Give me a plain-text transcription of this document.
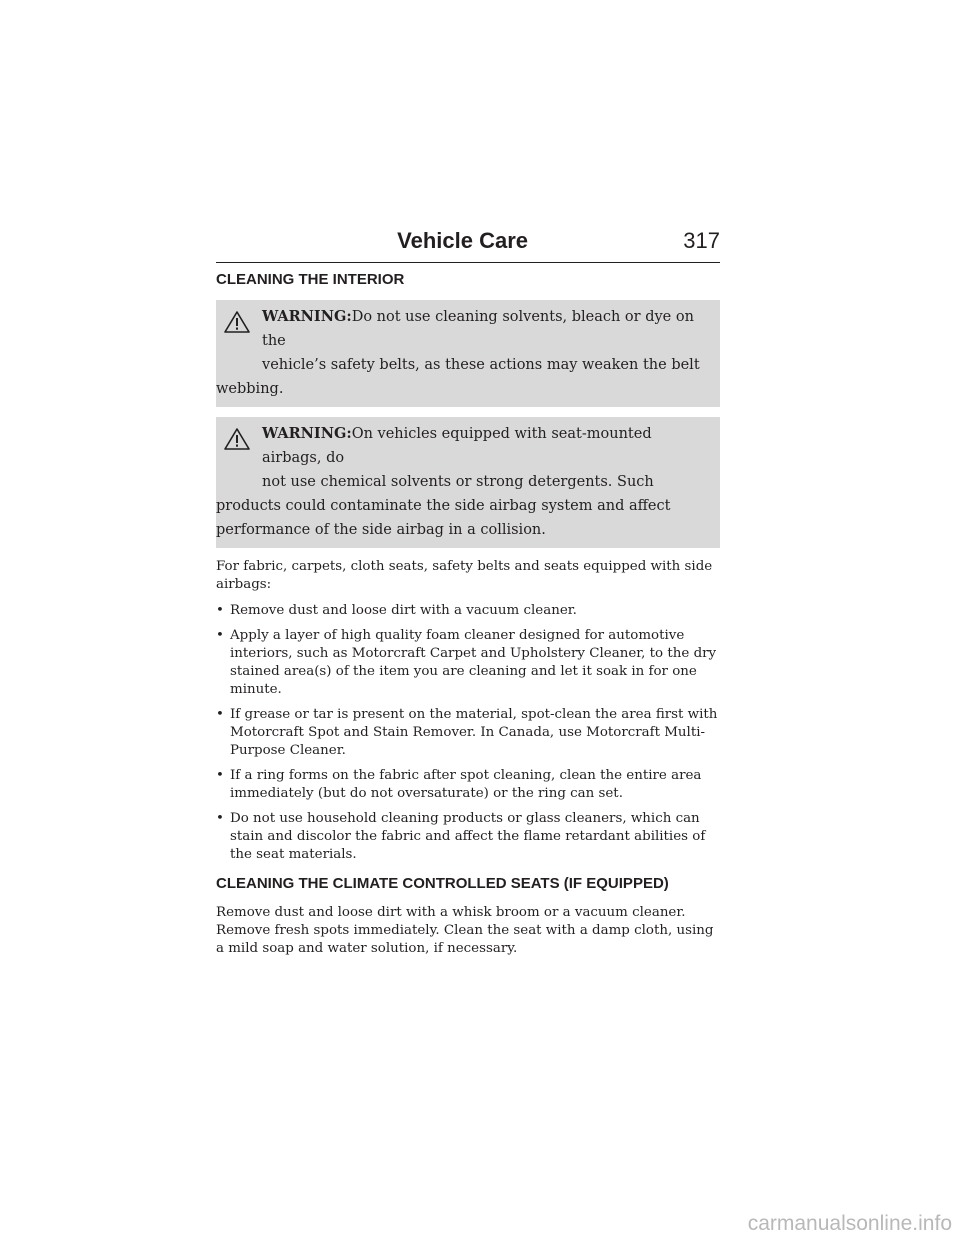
Vehicle Care	317
CLEANING THE INTERIOR
WARNING:Do not use cleaning solvents, bleach or dye on the
vehicle’s safety belts, as these actions may weaken the belt webbing.
WARNING:On vehicles equipped with seat-mounted airbags, do
not use chemical solvents or strong detergents. Such products could contaminate the side airbag system and affect performance of the side airbag in a collision.

For fabric, carpets, cloth seats, safety belts and seats equipped with side airbags:

• Remove dust and loose dirt with a vacuum cleaner.
• Apply a layer of high quality foam cleaner designed for automotive interiors, such as Motorcraft Carpet and Upholstery Cleaner, to the dry stained area(s) of the item you are cleaning and let it soak in for one minute.
• If grease or tar is present on the material, spot-clean the area first with Motorcraft Spot and Stain Remover. In Canada, use Motorcraft Multi-Purpose Cleaner.
• If a ring forms on the fabric after spot cleaning, clean the entire area immediately (but do not oversaturate) or the ring can set.
• Do not use household cleaning products or glass cleaners, which can stain and discolor the fabric and affect the flame retardant abilities of the seat materials.
CLEANING THE CLIMATE CONTROLLED SEATS (IF EQUIPPED)

Remove dust and loose dirt with a whisk broom or a vacuum cleaner. Remove fresh spots immediately. Clean the seat with a damp cloth, using a mild soap and water solution, if necessary.

carmanualsonline.info
